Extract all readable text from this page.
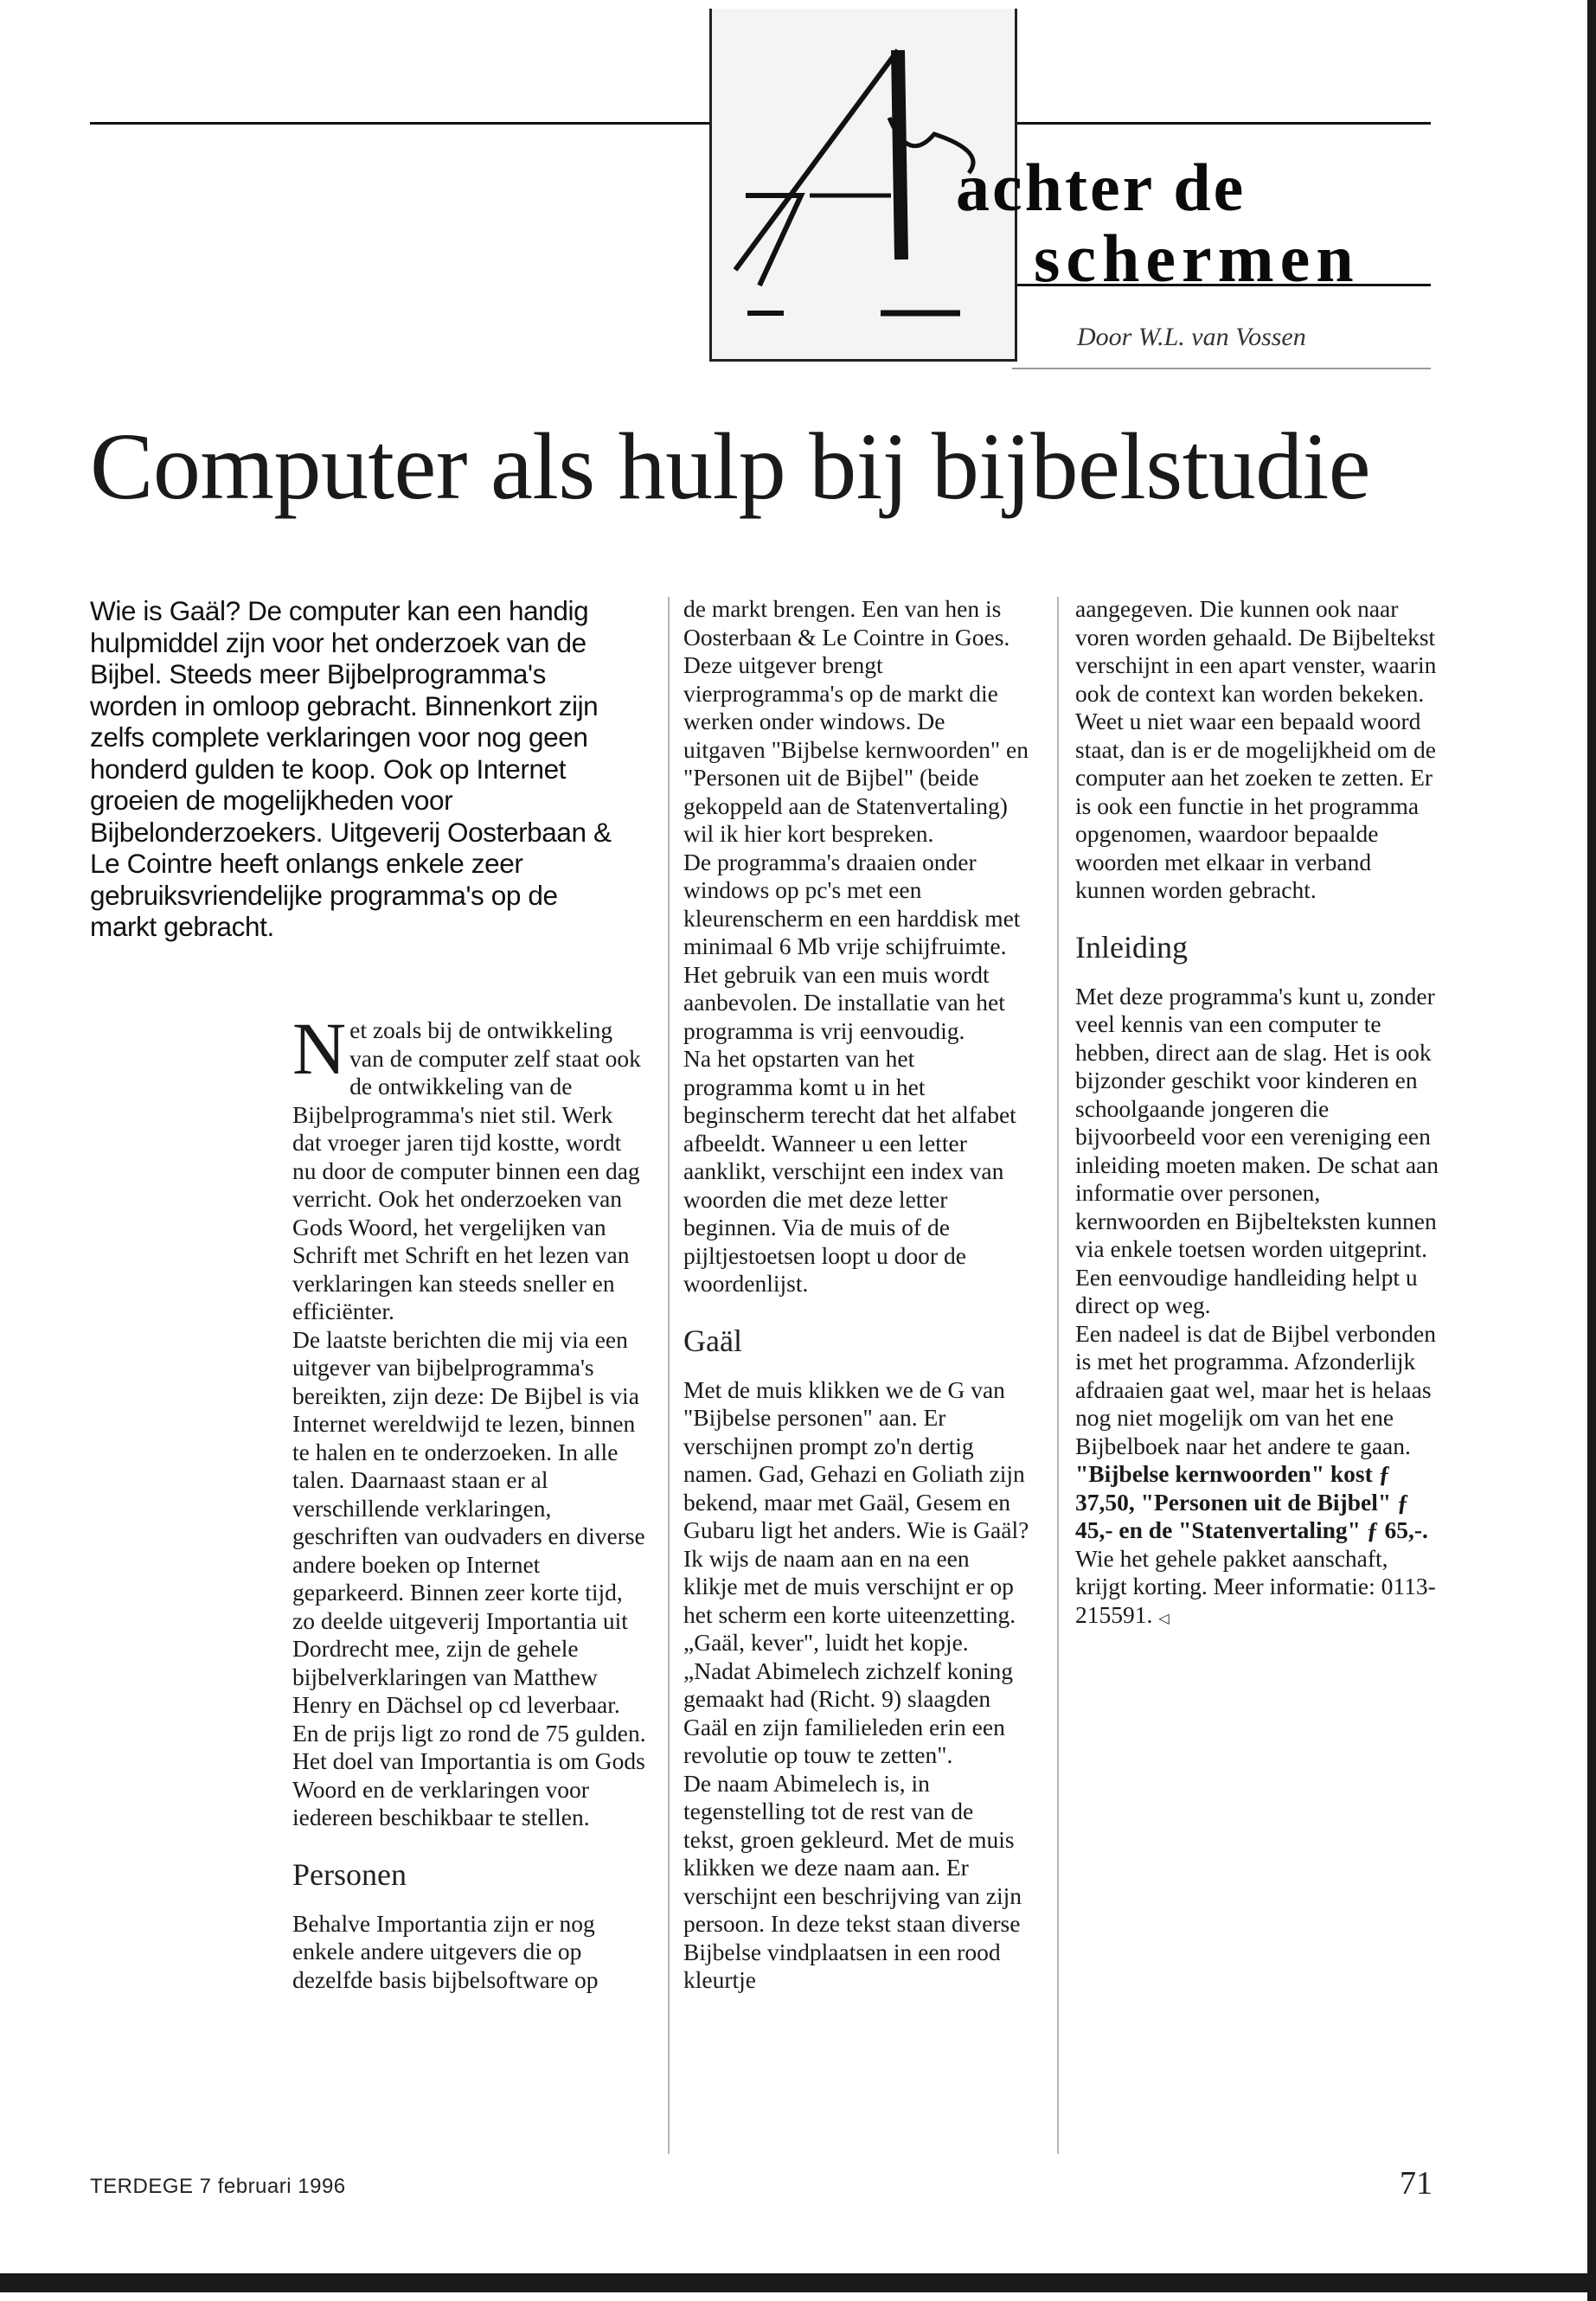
achter de
schermen
Door W.L. van Vossen
Computer als hulp bij bijbelstudie
Wie is Gaäl? De computer kan een handig hulpmiddel zijn voor het onderzoek van de Bijbel. Steeds meer Bijbelprogramma's worden in omloop gebracht. Binnenkort zijn zelfs complete verklaringen voor nog geen honderd gulden te koop. Ook op Internet groeien de mogelijkheden voor Bijbelonderzoekers. Uitgeverij Oosterbaan & Le Cointre heeft onlangs enkele zeer gebruiksvriendelijke programma's op de markt gebracht.

Net zoals bij de ontwikkeling van de computer zelf staat ook de ontwikkeling van de Bijbelprogramma's niet stil. Werk dat vroeger jaren tijd kostte, wordt nu door de computer binnen een dag verricht. Ook het onderzoeken van Gods Woord, het vergelijken van Schrift met Schrift en het lezen van verklaringen kan steeds sneller en efficiënter.

De laatste berichten die mij via een uitgever van bijbelprogramma's bereikten, zijn deze: De Bijbel is via Internet wereldwijd te lezen, binnen te halen en te onderzoeken. In alle talen. Daarnaast staan er al verschillende verklaringen, geschriften van oudvaders en diverse andere boeken op Internet geparkeerd. Binnen zeer korte tijd, zo deelde uitgeverij Importantia uit Dordrecht mee, zijn de gehele bijbelverklaringen van Matthew Henry en Dächsel op cd leverbaar. En de prijs ligt zo rond de 75 gulden. Het doel van Importantia is om Gods Woord en de verklaringen voor iedereen beschikbaar te stellen.

Personen

Behalve Importantia zijn er nog enkele andere uitgevers die op dezelfde basis bijbelsoftware op

de markt brengen. Een van hen is Oosterbaan & Le Cointre in Goes. Deze uitgever brengt vierprogramma's op de markt die werken onder windows. De uitgaven "Bijbelse kernwoorden" en "Personen uit de Bijbel" (beide gekoppeld aan de Statenvertaling) wil ik hier kort bespreken.

De programma's draaien onder windows op pc's met een kleurenscherm en een harddisk met minimaal 6 Mb vrije schijfruimte. Het gebruik van een muis wordt aanbevolen. De installatie van het programma is vrij eenvoudig.

Na het opstarten van het programma komt u in het beginscherm terecht dat het alfabet afbeeldt. Wanneer u een letter aanklikt, verschijnt een index van woorden die met deze letter beginnen. Via de muis of de pijltjestoetsen loopt u door de woordenlijst.

Gaäl

Met de muis klikken we de G van "Bijbelse personen" aan. Er verschijnen prompt zo'n dertig namen. Gad, Gehazi en Goliath zijn bekend, maar met Gaäl, Gesem en Gubaru ligt het anders. Wie is Gaäl? Ik wijs de naam aan en na een klikje met de muis verschijnt er op het scherm een korte uiteenzetting. „Gaäl, kever", luidt het kopje. „Nadat Abimelech zichzelf koning gemaakt had (Richt. 9) slaagden Gaäl en zijn familieleden erin een revolutie op touw te zetten".

De naam Abimelech is, in tegenstelling tot de rest van de tekst, groen gekleurd. Met de muis klikken we deze naam aan. Er verschijnt een beschrijving van zijn persoon. In deze tekst staan diverse Bijbelse vindplaatsen in een rood kleurtje

aangegeven. Die kunnen ook naar voren worden gehaald. De Bijbeltekst verschijnt in een apart venster, waarin ook de context kan worden bekeken. Weet u niet waar een bepaald woord staat, dan is er de mogelijkheid om de computer aan het zoeken te zetten. Er is ook een functie in het programma opgenomen, waardoor bepaalde woorden met elkaar in verband kunnen worden gebracht.

Inleiding

Met deze programma's kunt u, zonder veel kennis van een computer te hebben, direct aan de slag. Het is ook bijzonder geschikt voor kinderen en schoolgaande jongeren die bijvoorbeeld voor een vereniging een inleiding moeten maken. De schat aan informatie over personen, kernwoorden en Bijbelteksten kunnen via enkele toetsen worden uitgeprint. Een eenvoudige handleiding helpt u direct op weg.

Een nadeel is dat de Bijbel verbonden is met het programma. Afzonderlijk afdraaien gaat wel, maar het is helaas nog niet mogelijk om van het ene Bijbelboek naar het andere te gaan. "Bijbelse kernwoorden" kost ƒ 37,50, "Personen uit de Bijbel" ƒ 45,- en de "Statenvertaling" ƒ 65,-. Wie het gehele pakket aanschaft, krijgt korting. Meer informatie: 0113-215591. ◁

TERDEGE 7 februari 1996	71
